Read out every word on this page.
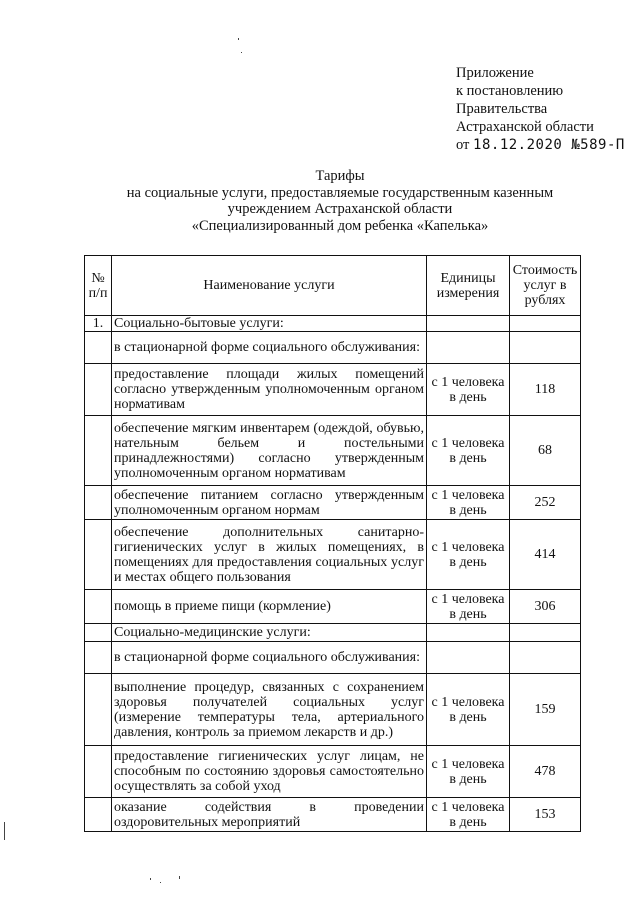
Приложение
к постановлению
Правительства
Астраханской области
от 18.12.2020 №589-П
Тарифы
на социальные услуги, предоставляемые государственным казенным
учреждением Астраханской области
«Специализированный дом ребенка «Капелька»
№ п/п	Наименование услуги	Единицы измерения	Стоимость услуг в рублях
1.	Социально-бытовые услуги:		
	в стационарной форме социального обслуживания:		
	предоставление площади жилых помещений согласно утвержденным уполномоченным органом нормативам	с 1 человека в день	118
	обеспечение мягким инвентарем (одеждой, обувью, нательным бельем и постельными принадлежностями) согласно утвержденным уполномоченным органом нормативам	с 1 человека в день	68
	обеспечение питанием согласно утвержденным уполномоченным органом нормам	с 1 человека в день	252
	обеспечение дополнительных санитарно-гигиенических услуг в жилых помещениях, в помещениях для предоставления социальных услуг и местах общего пользования	с 1 человека в день	414
	помощь в приеме пищи (кормление)	с 1 человека в день	306
	Социально-медицинские услуги:		
	в стационарной форме социального обслуживания:		
	выполнение процедур, связанных с сохранением здоровья получателей социальных услуг (измерение температуры тела, артериального давления, контроль за приемом лекарств и др.)	с 1 человека в день	159
	предоставление гигиенических услуг лицам, не способным по состоянию здоровья самостоятельно осуществлять за собой уход	с 1 человека в день	478
	оказание содействия в проведении оздоровительных мероприятий	с 1 человека в день	153
